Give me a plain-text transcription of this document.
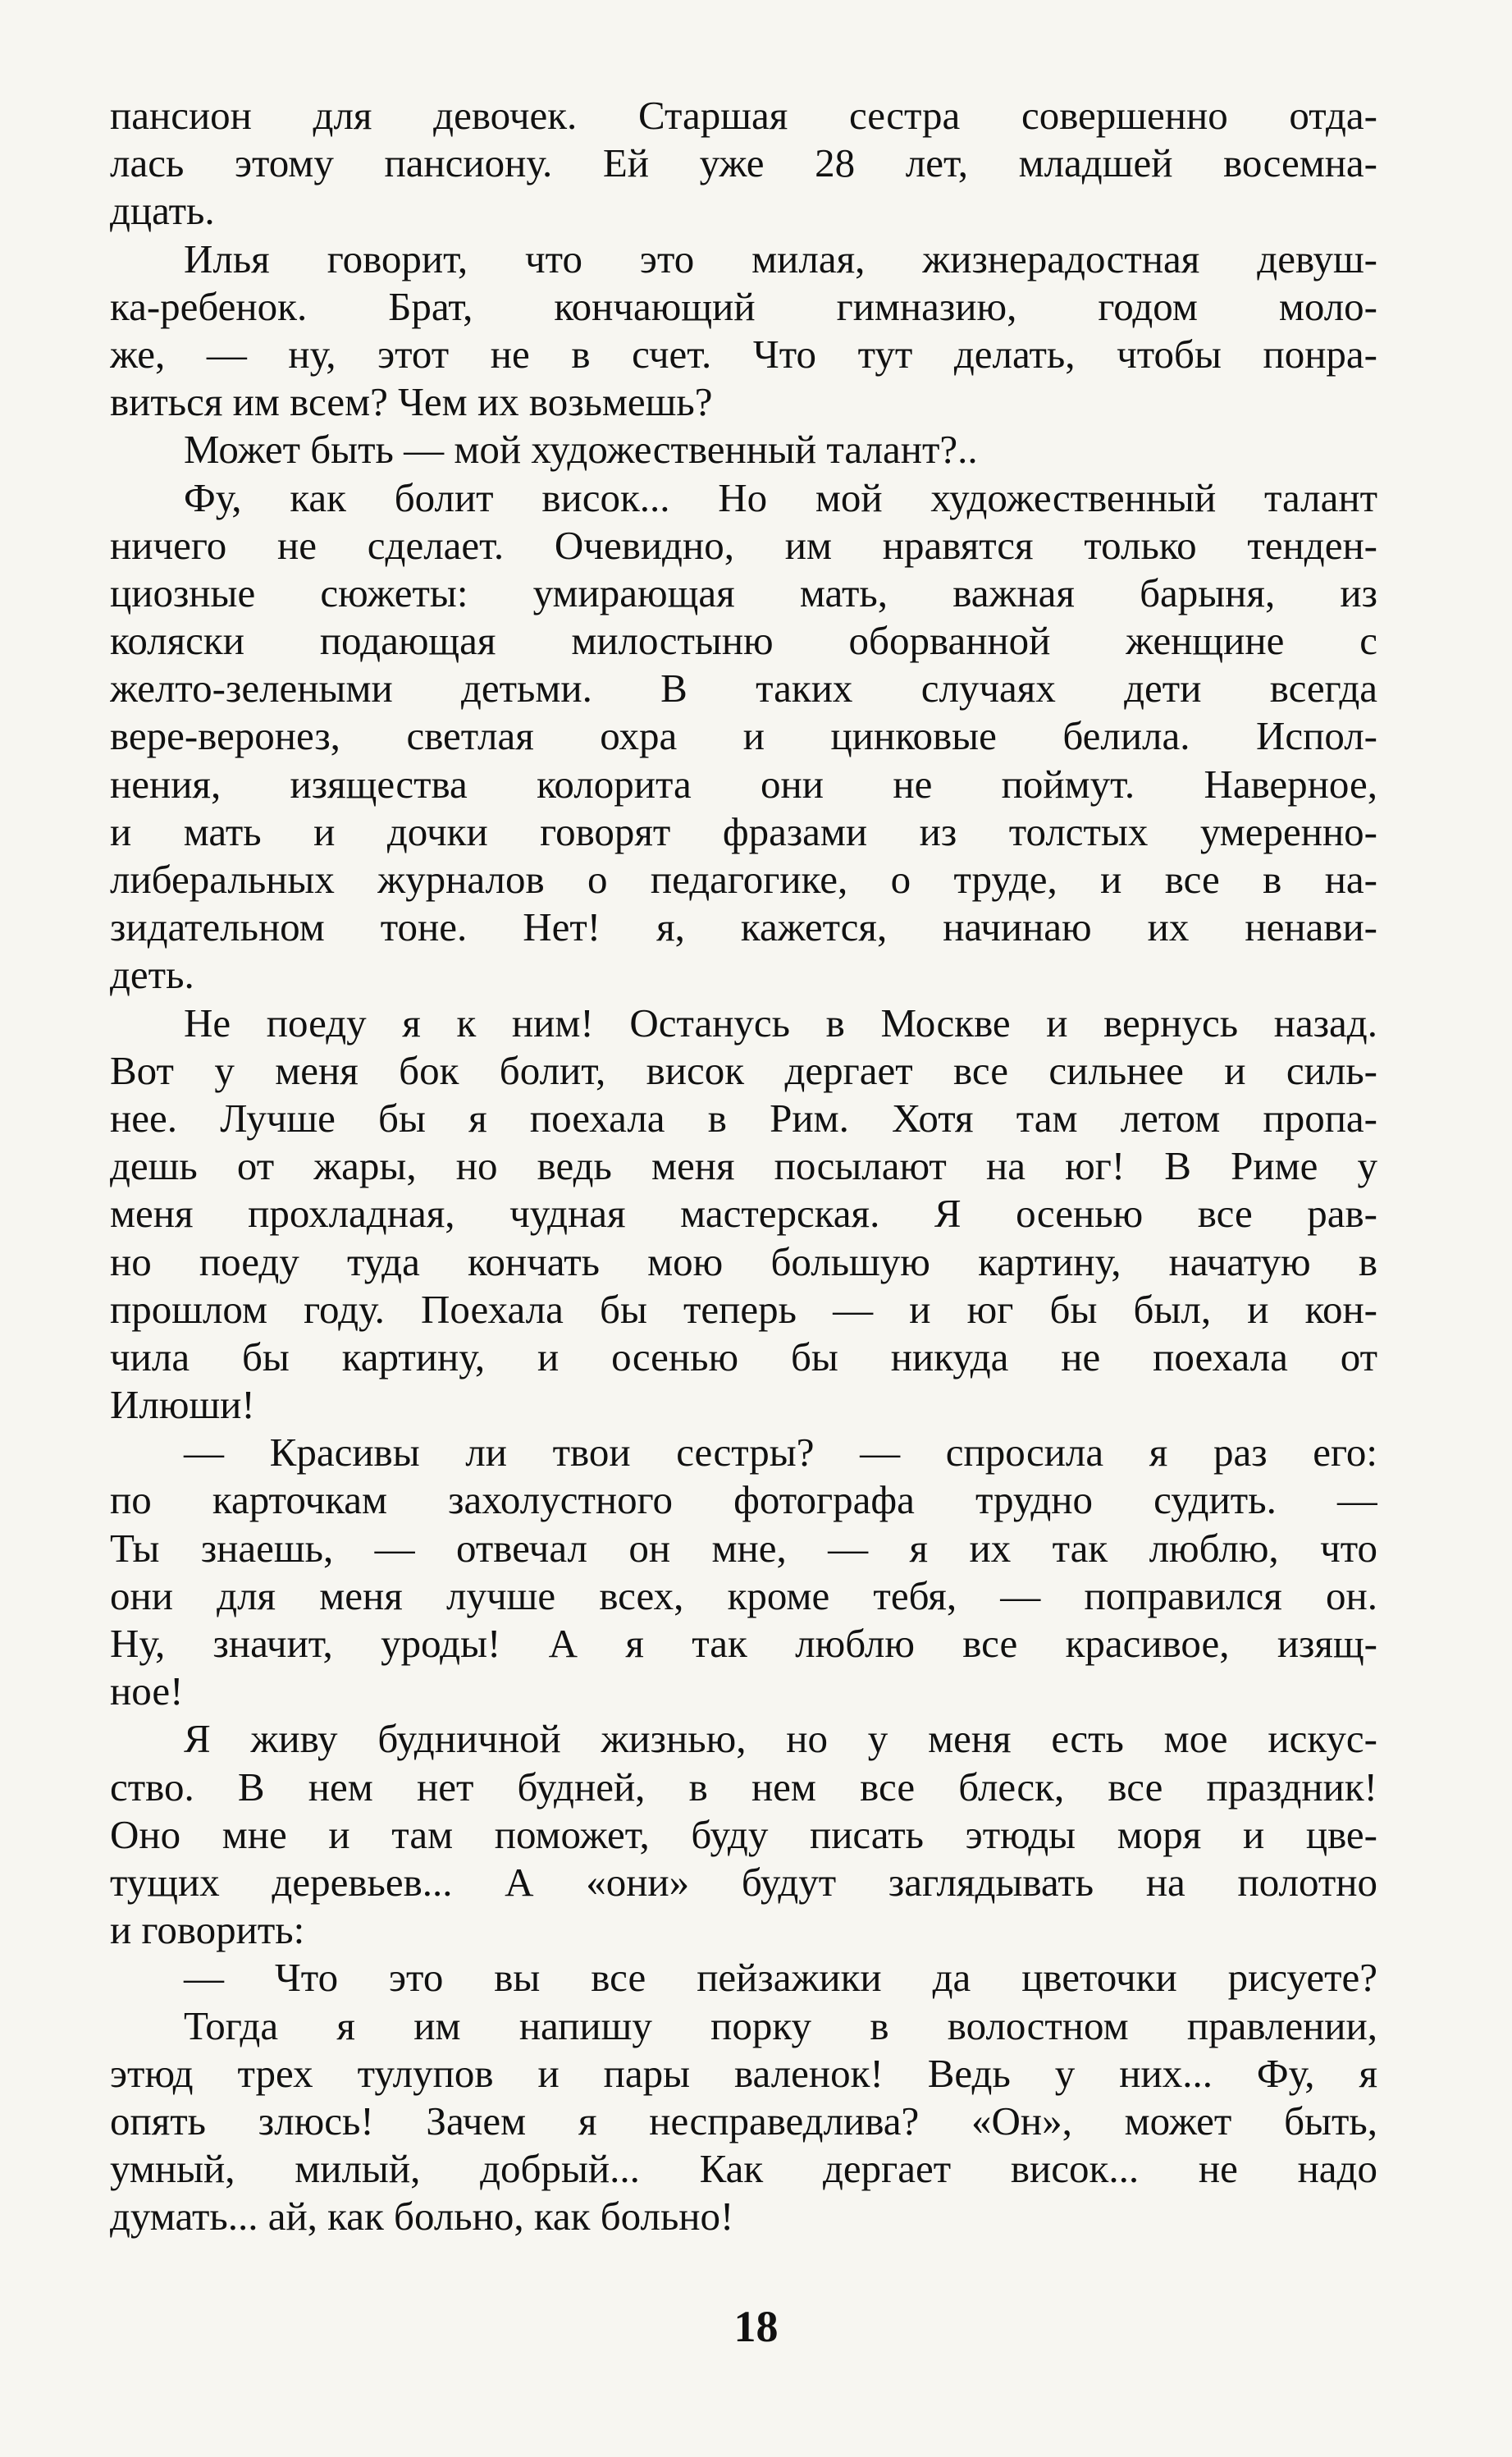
пансион для девочек. Старшая сестра совершенно отда-
лась этому пансиону. Ей уже 28 лет, младшей восемна-
дцать.
Илья говорит, что это милая, жизнерадостная девуш-
ка-ребенок. Брат, кончающий гимназию, годом моло-
же, — ну, этот не в счет. Что тут делать, чтобы понра-
виться им всем? Чем их возьмешь?
Может быть — мой художественный талант?..
Фу, как болит висок... Но мой художественный талант
ничего не сделает. Очевидно, им нравятся только тенден-
циозные сюжеты: умирающая мать, важная барыня, из
коляски подающая милостыню оборванной женщине с
желто-зелеными детьми. В таких случаях дети всегда
вере-веронез, светлая охра и цинковые белила. Испол-
нения, изящества колорита они не поймут. Наверное,
и мать и дочки говорят фразами из толстых умеренно-
либеральных журналов о педагогике, о труде, и все в на-
зидательном тоне. Нет! я, кажется, начинаю их ненави-
деть.
Не поеду я к ним! Останусь в Москве и вернусь назад.
Вот у меня бок болит, висок дергает все сильнее и силь-
нее. Лучше бы я поехала в Рим. Хотя там летом пропа-
дешь от жары, но ведь меня посылают на юг! В Риме у
меня прохладная, чудная мастерская. Я осенью все рав-
но поеду туда кончать мою большую картину, начатую в
прошлом году. Поехала бы теперь — и юг бы был, и кон-
чила бы картину, и осенью бы никуда не поехала от
Илюши!
— Красивы ли твои сестры? — спросила я раз его:
по карточкам захолустного фотографа трудно судить. —
Ты знаешь, — отвечал он мне, — я их так люблю, что
они для меня лучше всех, кроме тебя, — поправился он.
Ну, значит, уроды! А я так люблю все красивое, изящ-
ное!
Я живу будничной жизнью, но у меня есть мое искус-
ство. В нем нет будней, в нем все блеск, все праздник!
Оно мне и там поможет, буду писать этюды моря и цве-
тущих деревьев... А «они» будут заглядывать на полотно
и говорить:
— Что это вы все пейзажики да цветочки рисуете?
Тогда я им напишу порку в волостном правлении,
этюд трех тулупов и пары валенок! Ведь у них... Фу, я
опять злюсь! Зачем я несправедлива? «Он», может быть,
умный, милый, добрый... Как дергает висок... не надо
думать... ай, как больно, как больно!
18
